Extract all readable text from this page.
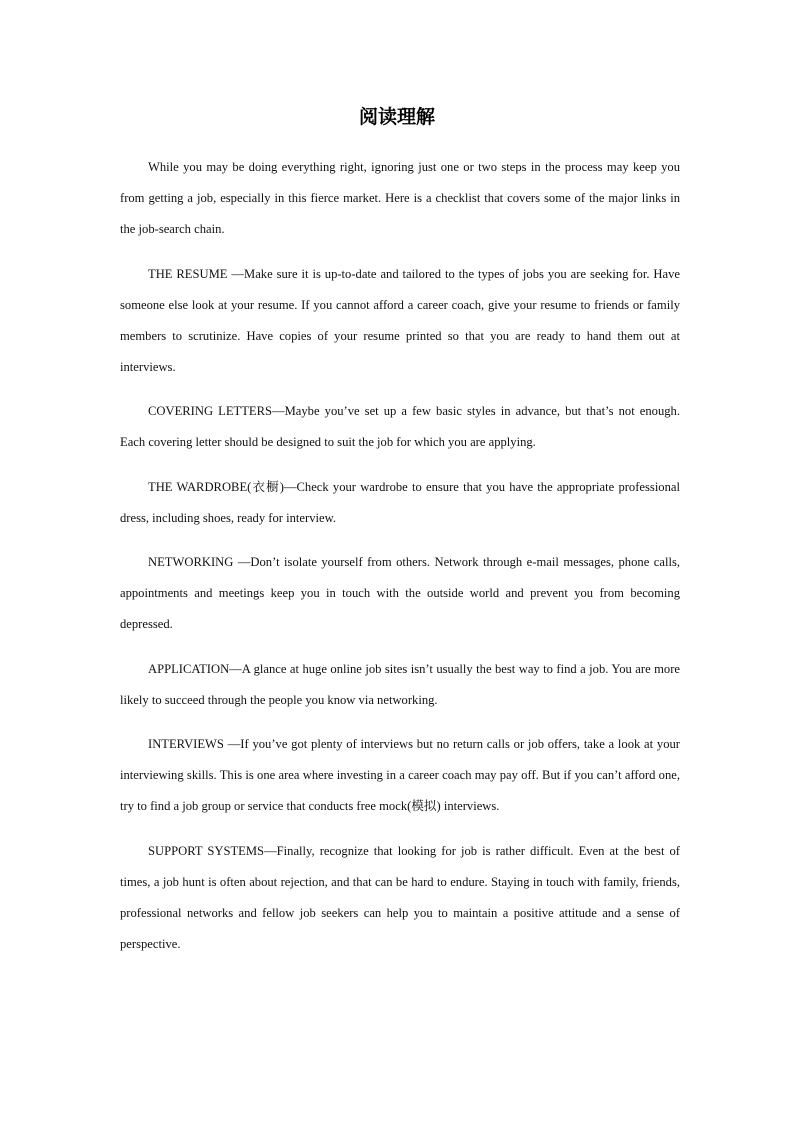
阅读理解

While you may be doing everything right, ignoring just one or two steps in the process may keep you from getting a job, especially in this fierce market. Here is a checklist that covers some of the major links in the job-search chain.

THE RESUME —Make sure it is up-to-date and tailored to the types of jobs you are seeking for. Have someone else look at your resume. If you cannot afford a career coach, give your resume to friends or family members to scrutinize. Have copies of your resume printed so that you are ready to hand them out at interviews.

COVERING LETTERS—Maybe you’ve set up a few basic styles in advance, but that’s not enough. Each covering letter should be designed to suit the job for which you are applying.

THE WARDROBE(衣橱)—Check your wardrobe to ensure that you have the appropriate professional dress, including shoes, ready for interview.

NETWORKING —Don’t isolate yourself from others. Network through e-mail messages, phone calls, appointments and meetings keep you in touch with the outside world and prevent you from becoming depressed.

APPLICATION—A glance at huge online job sites isn’t usually the best way to find a job. You are more likely to succeed through the people you know via networking.

INTERVIEWS —If you’ve got plenty of interviews but no return calls or job offers, take a look at your interviewing skills. This is one area where investing in a career coach may pay off. But if you can’t afford one, try to find a job group or service that conducts free mock(模拟) interviews.

SUPPORT SYSTEMS—Finally, recognize that looking for job is rather difficult. Even at the best of times, a job hunt is often about rejection, and that can be hard to endure. Staying in touch with family, friends, professional networks and fellow job seekers can help you to maintain a positive attitude and a sense of perspective.
